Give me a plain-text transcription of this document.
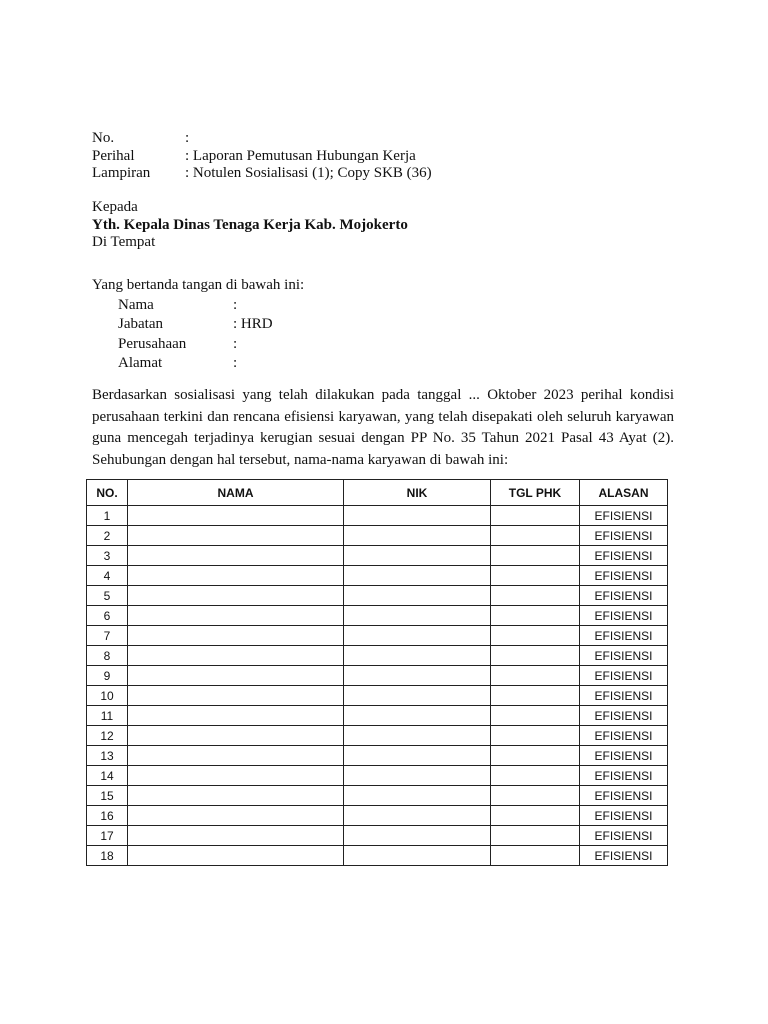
No.	:
Perihal	: Laporan Pemutusan Hubungan Kerja
Lampiran	: Notulen Sosialisasi (1); Copy SKB (36)
Kepada
Yth. Kepala Dinas Tenaga Kerja Kab. Mojokerto
Di Tempat
Yang bertanda tangan di bawah ini:
Nama	:
Jabatan	: HRD
Perusahaan	:
Alamat	:
Berdasarkan sosialisasi yang telah dilakukan pada tanggal ... Oktober 2023 perihal kondisi perusahaan terkini dan rencana efisiensi karyawan, yang telah disepakati oleh seluruh karyawan guna mencegah terjadinya kerugian sesuai dengan PP No. 35 Tahun 2021 Pasal 43 Ayat (2). Sehubungan dengan hal tersebut, nama-nama karyawan di bawah ini:
NO.	NAMA	NIK	TGL PHK	ALASAN
1				EFISIENSI
2				EFISIENSI
3				EFISIENSI
4				EFISIENSI
5				EFISIENSI
6				EFISIENSI
7				EFISIENSI
8				EFISIENSI
9				EFISIENSI
10				EFISIENSI
11				EFISIENSI
12				EFISIENSI
13				EFISIENSI
14				EFISIENSI
15				EFISIENSI
16				EFISIENSI
17				EFISIENSI
18				EFISIENSI
